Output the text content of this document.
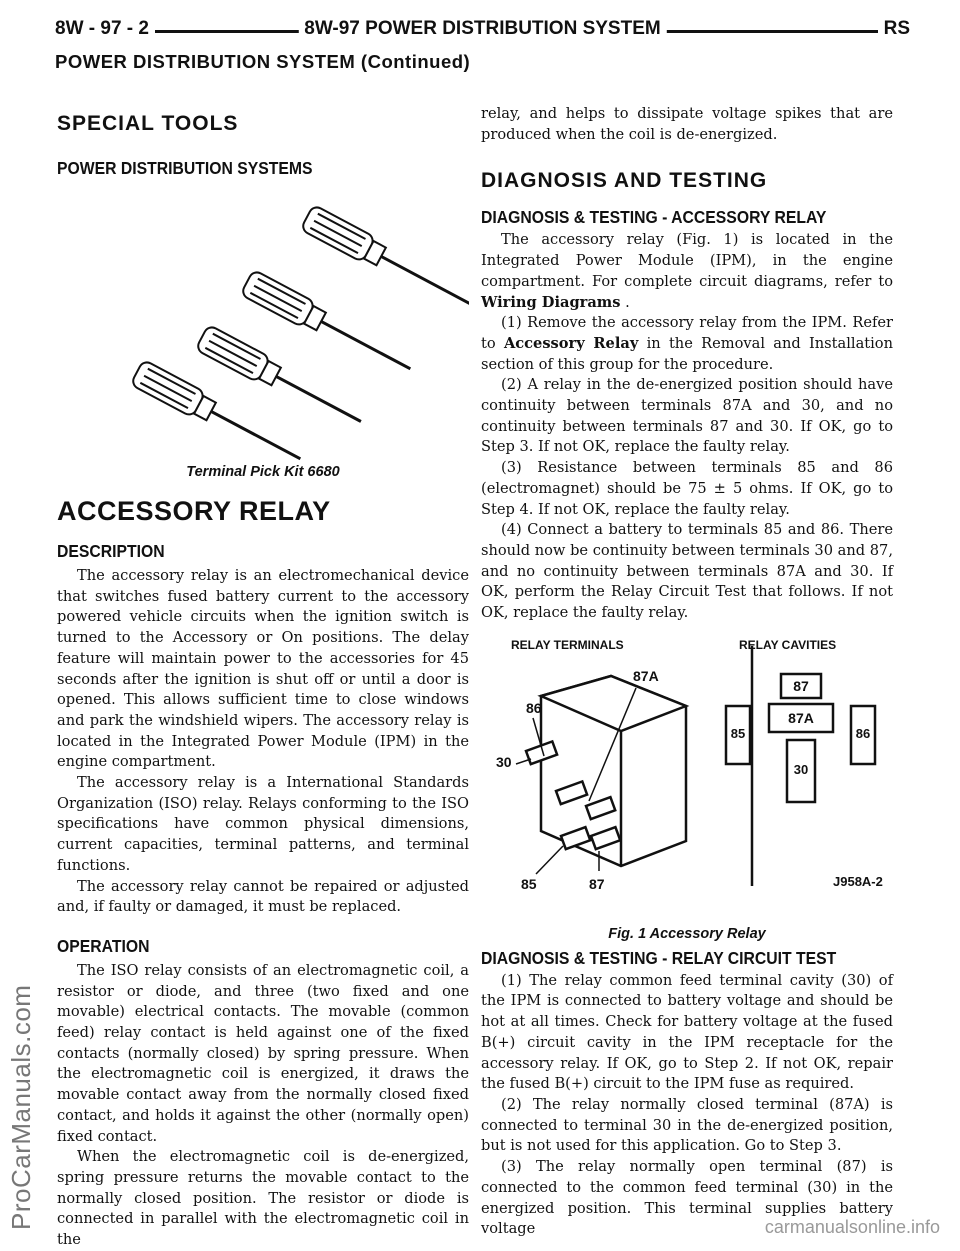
8W - 97 - 2	8W-97 POWER DISTRIBUTION SYSTEM	RS
POWER DISTRIBUTION SYSTEM (Continued)
SPECIAL TOOLS
POWER DISTRIBUTION SYSTEMS
Terminal Pick Kit 6680
ACCESSORY RELAY
DESCRIPTION

The accessory relay is an electromechanical device that switches fused battery current to the accessory powered vehicle circuits when the ignition switch is turned to the Accessory or On positions. The delay feature will maintain power to the accessories for 45 seconds after the ignition is shut off or until a door is opened. This allows sufficient time to close windows and park the windshield wipers. The accessory relay is located in the Integrated Power Module (IPM) in the engine compartment.

The accessory relay is a International Standards Organization (ISO) relay. Relays conforming to the ISO specifications have common physical dimensions, current capacities, terminal patterns, and terminal functions.

The accessory relay cannot be repaired or adjusted and, if faulty or damaged, it must be replaced.

OPERATION

The ISO relay consists of an electromagnetic coil, a resistor or diode, and three (two fixed and one movable) electrical contacts. The movable (common feed) relay contact is held against one of the fixed contacts (normally closed) by spring pressure. When the electromagnetic coil is energized, it draws the movable contact away from the normally closed fixed contact, and holds it against the other (normally open) fixed contact.

When the electromagnetic coil is de-energized, spring pressure returns the movable contact to the normally closed position. The resistor or diode is connected in parallel with the electromagnetic coil in the

relay, and helps to dissipate voltage spikes that are produced when the coil is de-energized.

DIAGNOSIS AND TESTING
DIAGNOSIS & TESTING - ACCESSORY RELAY

The accessory relay (Fig. 1) is located in the Integrated Power Module (IPM), in the engine compartment. For complete circuit diagrams, refer to Wiring Diagrams .

(1) Remove the accessory relay from the IPM. Refer to Accessory Relay in the Removal and Installation section of this group for the procedure.

(2) A relay in the de-energized position should have continuity between terminals 87A and 30, and no continuity between terminals 87 and 30. If OK, go to Step 3. If not OK, replace the faulty relay.

(3) Resistance between terminals 85 and 86 (electromagnet) should be 75 ± 5 ohms. If OK, go to Step 4. If not OK, replace the faulty relay.

(4) Connect a battery to terminals 85 and 86. There should now be continuity between terminals 30 and 87, and no continuity between terminals 87A and 30. If OK, perform the Relay Circuit Test that follows. If not OK, replace the faulty relay.

RELAY TERMINALS	RELAY CAVITIES
87A
86
30
85	87
87
87A
85	86
30
J958A-2
Fig. 1 Accessory Relay
DIAGNOSIS & TESTING - RELAY CIRCUIT TEST

(1) The relay common feed terminal cavity (30) of the IPM is connected to battery voltage and should be hot at all times. Check for battery voltage at the fused B(+) circuit cavity in the IPM receptacle for the accessory relay. If OK, go to Step 2. If not OK, repair the fused B(+) circuit to the IPM fuse as required.

(2) The relay normally closed terminal (87A) is connected to terminal 30 in the de-energized position, but is not used for this application. Go to Step 3.

(3) The relay normally open terminal (87) is connected to the common feed terminal (30) in the energized position. This terminal supplies battery voltage

ProCarManuals.com	carmanualsonline.info
